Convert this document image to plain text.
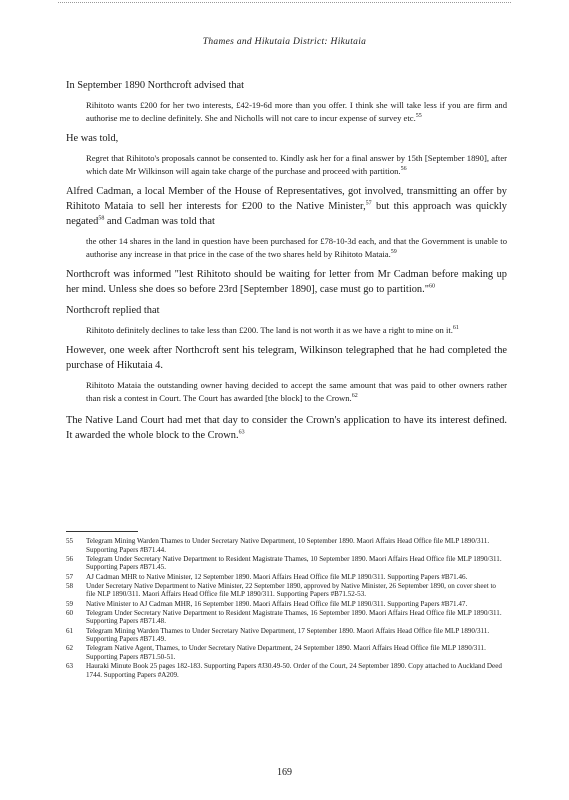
Thames and Hikutaia District: Hikutaia

In September 1890 Northcroft advised that

Rihitoto wants £200 for her two interests, £42-19-6d more than you offer. I think she will take less if you are firm and authorise me to decline definitely. She and Nicholls will not care to incur expense of survey etc.$^{55}$

He was told,

Regret that Rihitoto's proposals cannot be consented to. Kindly ask her for a final answer by 15th [September 1890], after which date Mr Wilkinson will again take charge of the purchase and proceed with partition.$^{56}$

Alfred Cadman, a local Member of the House of Representatives, got involved, transmitting an offer by Rihitoto Mataia to sell her interests for £200 to the Native Minister,$^{57}$ but this approach was quickly negated$^{58}$ and Cadman was told that

the other 14 shares in the land in question have been purchased for £78-10-3d each, and that the Government is unable to authorise any increase in that price in the case of the two shares held by Rihitoto Mataia.$^{59}$

Northcroft was informed "lest Rihitoto should be waiting for letter from Mr Cadman before making up her mind. Unless she does so before 23rd [September 1890], case must go to partition."$^{60}$

Northcroft replied that

Rihitoto definitely declines to take less than £200. The land is not worth it as we have a right to mine on it.$^{61}$

However, one week after Northcroft sent his telegram, Wilkinson telegraphed that he had completed the purchase of Hikutaia 4.

Rihitoto Mataia the outstanding owner having decided to accept the same amount that was paid to other owners rather than risk a contest in Court. The Court has awarded [the block] to the Crown.$^{62}$

The Native Land Court had met that day to consider the Crown's application to have its interest defined. It awarded the whole block to the Crown.$^{63}$

55	Telegram Mining Warden Thames to Under Secretary Native Department, 10 September 1890. Maori Affairs Head Office file MLP 1890/311. Supporting Papers #B71.44.
56	Telegram Under Secretary Native Department to Resident Magistrate Thames, 10 September 1890. Maori Affairs Head Office file MLP 1890/311. Supporting Papers #B71.45.
57	AJ Cadman MHR to Native Minister, 12 September 1890. Maori Affairs Head Office file MLP 1890/311. Supporting Papers #B71.46.
58	Under Secretary Native Department to Native Minister, 22 September 1890, approved by Native Minister, 26 September 1890, on cover sheet to file NLP 1890/311. Maori Affairs Head Office file MLP 1890/311. Supporting Papers #B71.52-53.
59	Native Minister to AJ Cadman MHR, 16 September 1890. Maori Affairs Head Office file MLP 1890/311. Supporting Papers #B71.47.
60	Telegram Under Secretary Native Department to Resident Magistrate Thames, 16 September 1890. Maori Affairs Head Office file MLP 1890/311. Supporting Papers #B71.48.
61	Telegram Mining Warden Thames to Under Secretary Native Department, 17 September 1890. Maori Affairs Head Office file MLP 1890/311. Supporting Papers #B71.49.
62	Telegram Native Agent, Thames, to Under Secretary Native Department, 24 September 1890. Maori Affairs Head Office file MLP 1890/311. Supporting Papers #B71.50-51.
63	Hauraki Minute Book 25 pages 182-183. Supporting Papers #J30.49-50. Order of the Court, 24 September 1890. Copy attached to Auckland Deed 1744. Supporting Papers #A209.
169
